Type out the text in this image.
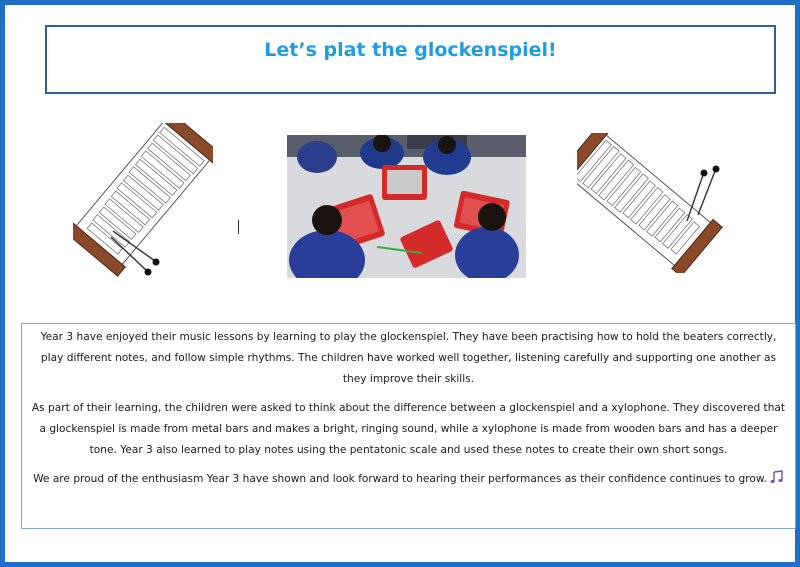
Let’s plat the glockenspiel!

Year 3 have enjoyed their music lessons by learning to play the glockenspiel. They have been practising how to hold the beaters correctly, play different notes, and follow simple rhythms. The children have worked well together, listening carefully and supporting one another as they improve their skills.

As part of their learning, the children were asked to think about the difference between a glockenspiel and a xylophone. They discovered that a glockenspiel is made from metal bars and makes a bright, ringing sound, while a xylophone is made from wooden bars and has a deeper tone. Year 3 also learned to play notes using the pentatonic scale and used these notes to create their own short songs.

We are proud of the enthusiasm Year 3 have shown and look forward to hearing their performances as their confidence continues to grow.
